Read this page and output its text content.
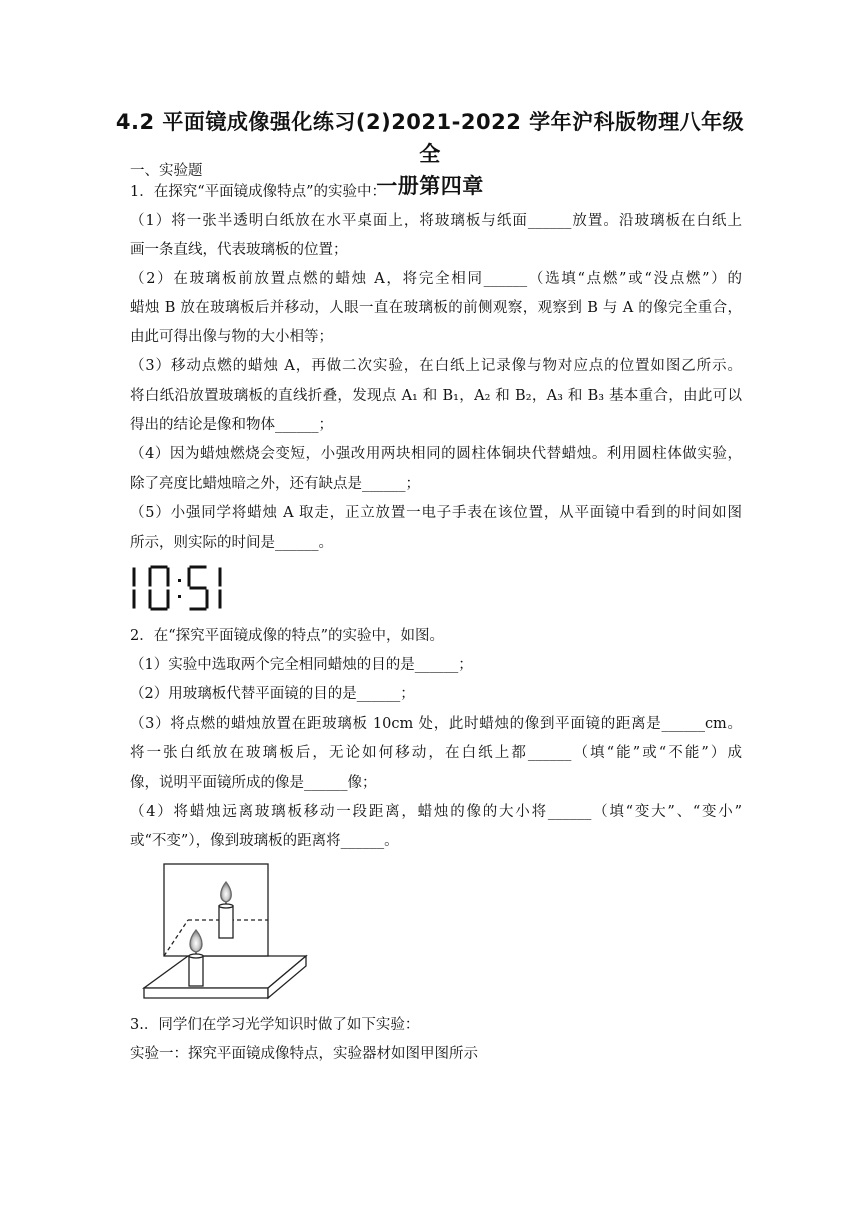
4.2 平面镜成像强化练习(2)2021-2022 学年沪科版物理八年级全
一册第四章
一、实验题
1．在探究“平面镜成像特点”的实验中：
（1）将一张半透明白纸放在水平桌面上，将玻璃板与纸面______放置。沿玻璃板在白纸上
画一条直线，代表玻璃板的位置；
（2）在玻璃板前放置点燃的蜡烛 A，将完全相同______（选填“点燃”或“没点燃”）的
蜡烛 B 放在玻璃板后并移动，人眼一直在玻璃板的前侧观察，观察到 B 与 A 的像完全重合，
由此可得出像与物的大小相等；
（3）移动点燃的蜡烛 A，再做二次实验，在白纸上记录像与物对应点的位置如图乙所示。
将白纸沿放置玻璃板的直线折叠，发现点 A₁ 和 B₁，A₂ 和 B₂，A₃ 和 B₃ 基本重合，由此可以
得出的结论是像和物体______；
（4）因为蜡烛燃烧会变短，小强改用两块相同的圆柱体铜块代替蜡烛。利用圆柱体做实验，
除了亮度比蜡烛暗之外，还有缺点是______；
（5）小强同学将蜡烛 A 取走，正立放置一电子手表在该位置，从平面镜中看到的时间如图
所示，则实际的时间是______。
2．在“探究平面镜成像的特点”的实验中，如图。
（1）实验中选取两个完全相同蜡烛的目的是______；
（2）用玻璃板代替平面镜的目的是______；
（3）将点燃的蜡烛放置在距玻璃板 10cm 处，此时蜡烛的像到平面镜的距离是______cm。
将一张白纸放在玻璃板后，无论如何移动，在白纸上都______（填“能”或“不能”）成
像，说明平面镜所成的像是______像；
（4）将蜡烛远离玻璃板移动一段距离，蜡烛的像的大小将______（填“变大”、“变小”
或“不变”），像到玻璃板的距离将______。
3.．同学们在学习光学知识时做了如下实验：
实验一：探究平面镜成像特点，实验器材如图甲图所示
